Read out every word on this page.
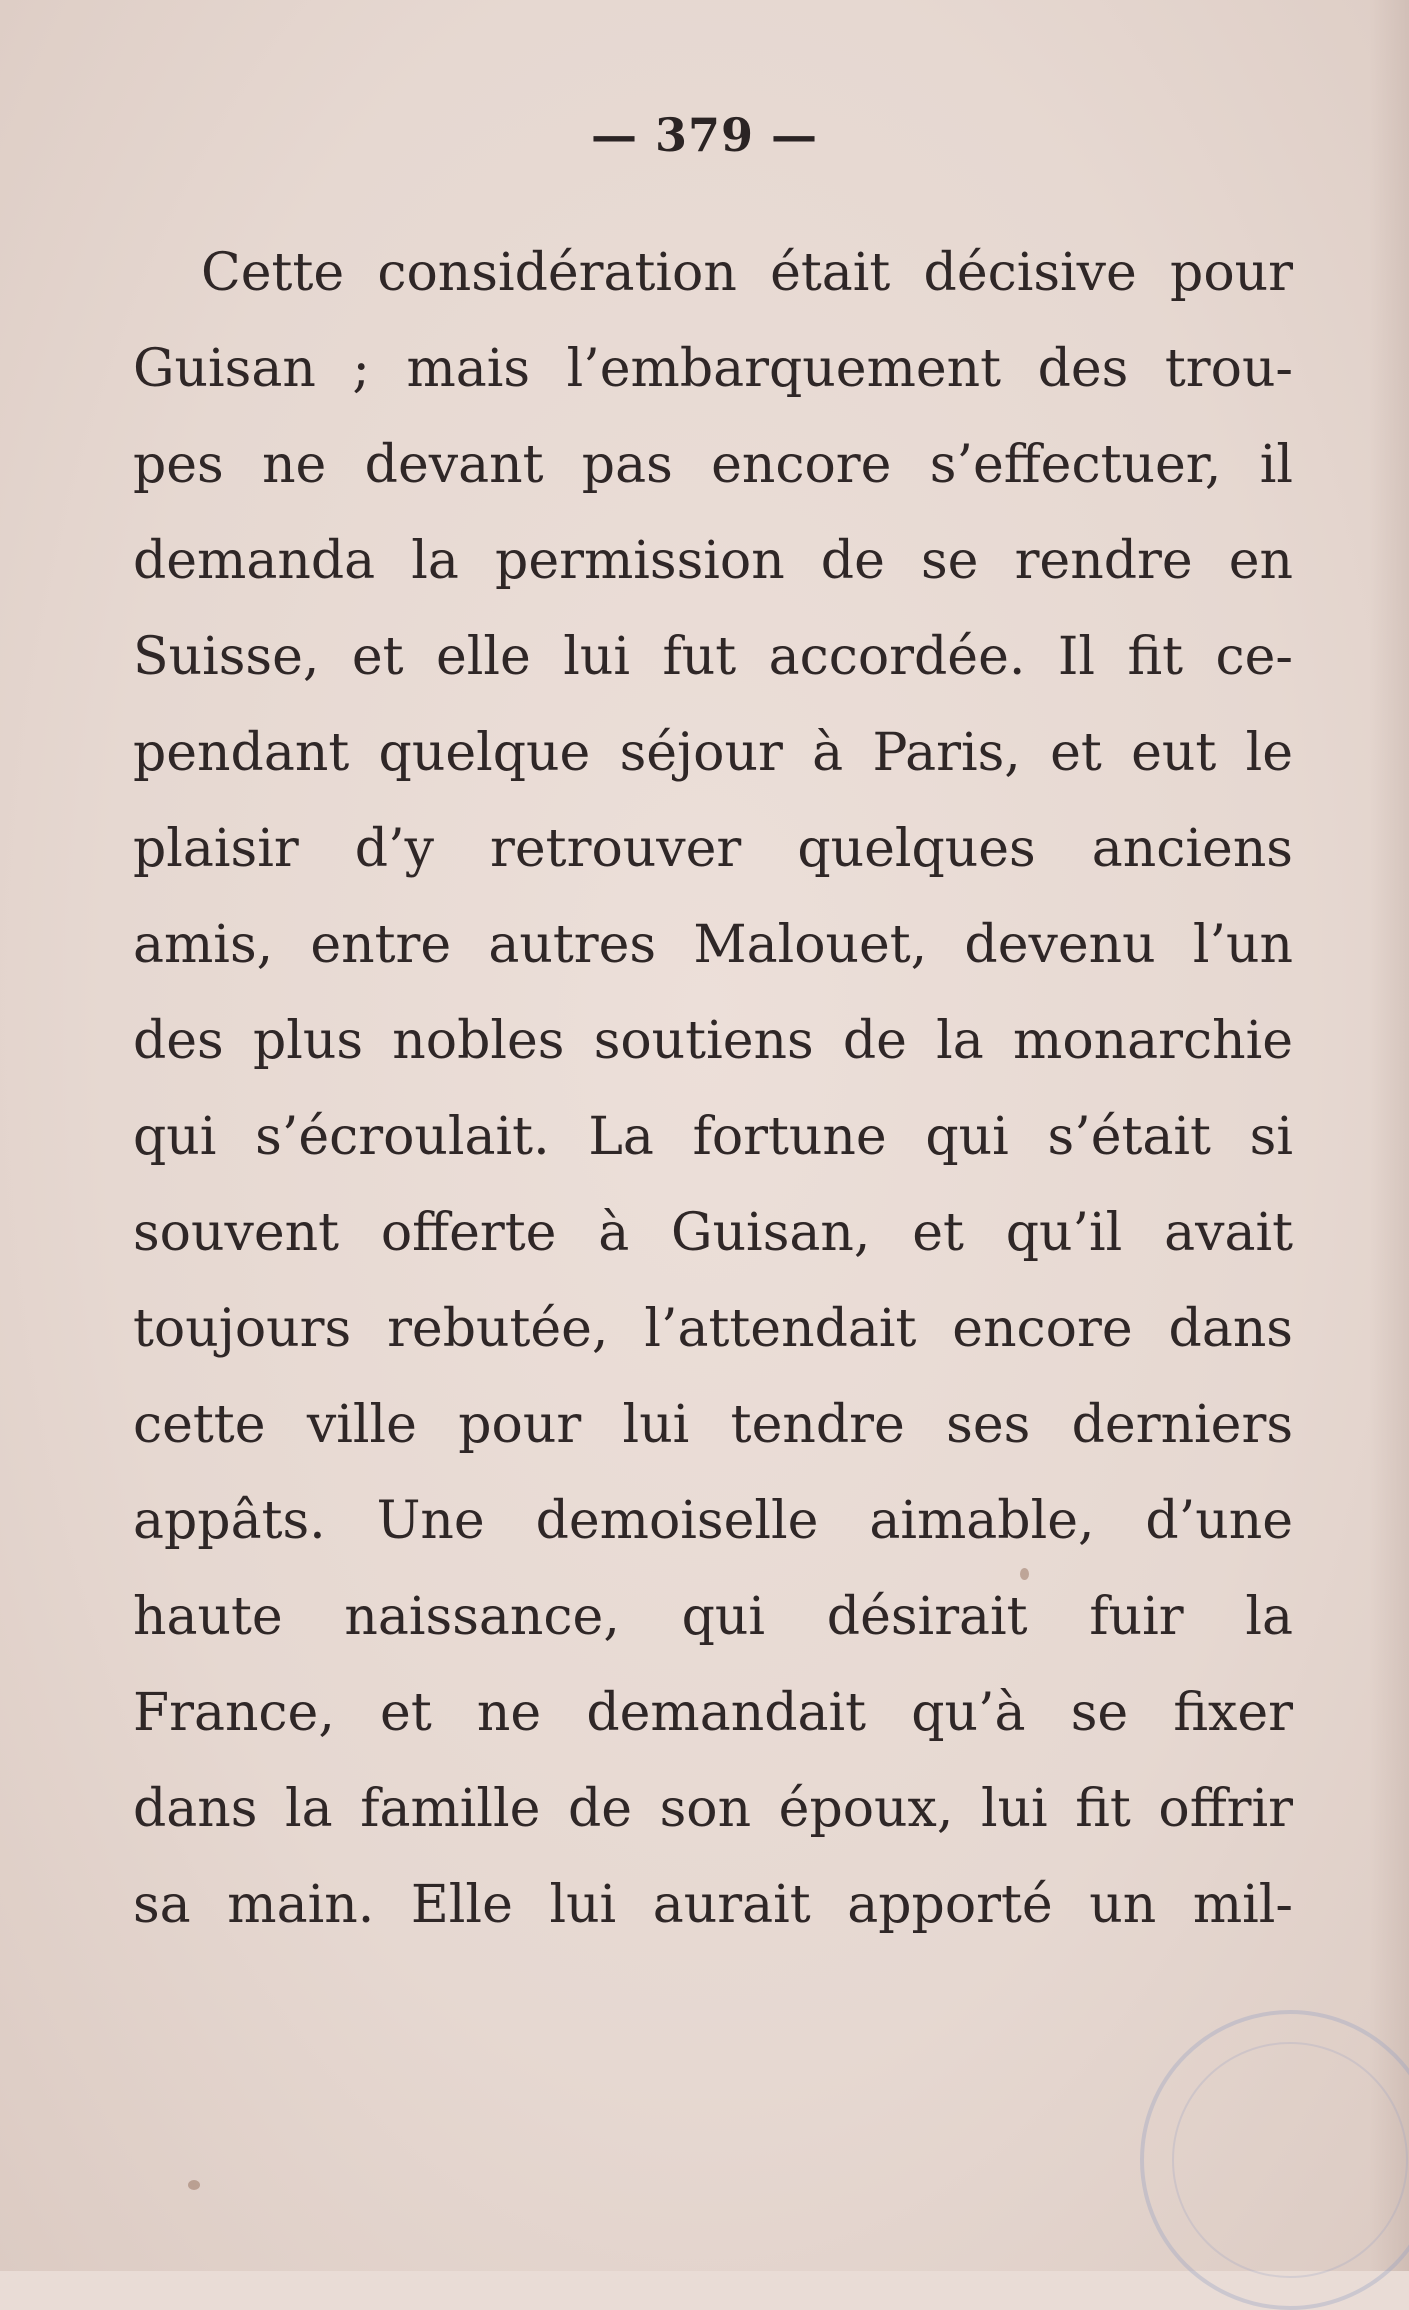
— 379 —
Cette considération était décisive pour
Guisan ; mais l’embarquement des trou-
pes ne devant pas encore s’effectuer, il
demanda la permission de se rendre en
Suisse, et elle lui fut accordée. Il fit ce-
pendant quelque séjour à Paris, et eut le
plaisir d’y retrouver quelques anciens
amis, entre autres Malouet, devenu l’un
des plus nobles soutiens de la monarchie
qui s’écroulait. La fortune qui s’était si
souvent offerte à Guisan, et qu’il avait
toujours rebutée, l’attendait encore dans
cette ville pour lui tendre ses derniers
appâts. Une demoiselle aimable, d’une
haute naissance, qui désirait fuir la
France, et ne demandait qu’à se fixer
dans la famille de son époux, lui fit offrir
sa main. Elle lui aurait apporté un mil-
